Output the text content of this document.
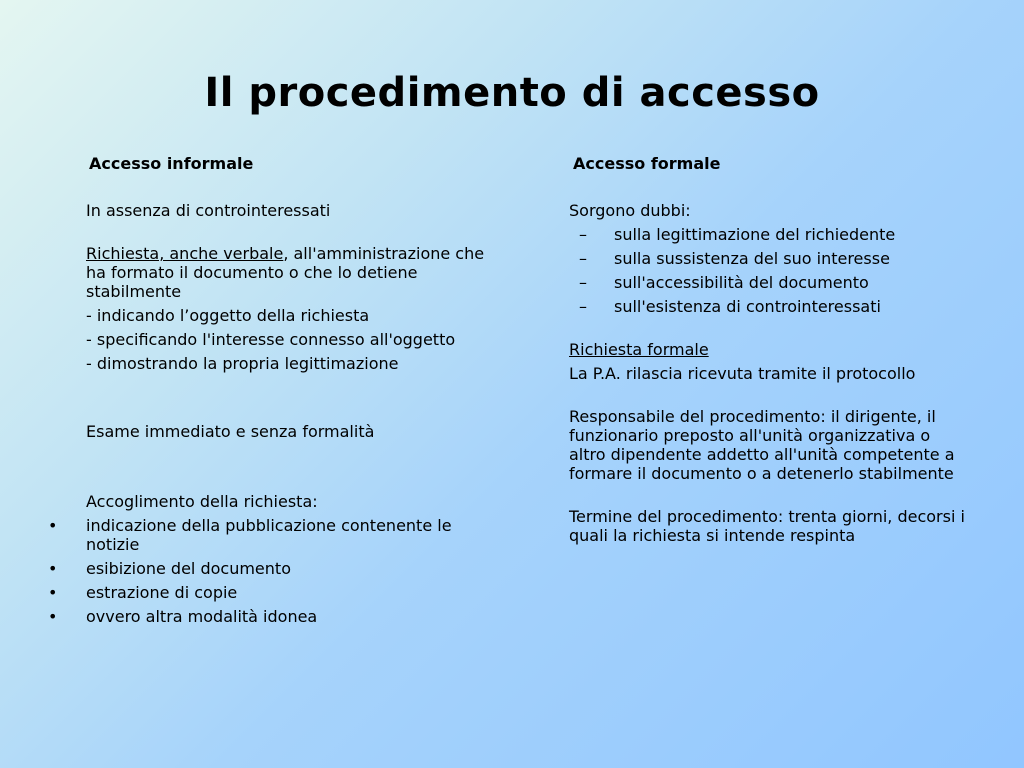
Il procedimento di accesso
Accesso informale
In assenza di controinteressati
Richiesta, anche verbale, all'amministrazione che ha formato il documento o che lo detiene stabilmente
- indicando l’oggetto della richiesta
- specificando l'interesse connesso all'oggetto
- dimostrando la propria legittimazione
Esame immediato e senza formalità
Accoglimento della richiesta:
• indicazione della pubblicazione contenente le notizie
• esibizione del documento
• estrazione di copie
• ovvero altra modalità idonea
Accesso formale
Sorgono dubbi:
– sulla legittimazione del richiedente
– sulla sussistenza del suo interesse
– sull'accessibilità del documento
– sull'esistenza di controinteressati
Richiesta formale
La P.A. rilascia ricevuta tramite il protocollo
Responsabile del procedimento: il dirigente, il funzionario preposto all'unità organizzativa o altro dipendente addetto all'unità competente a formare il documento o a detenerlo stabilmente
Termine del procedimento: trenta giorni, decorsi i quali la richiesta si intende respinta
